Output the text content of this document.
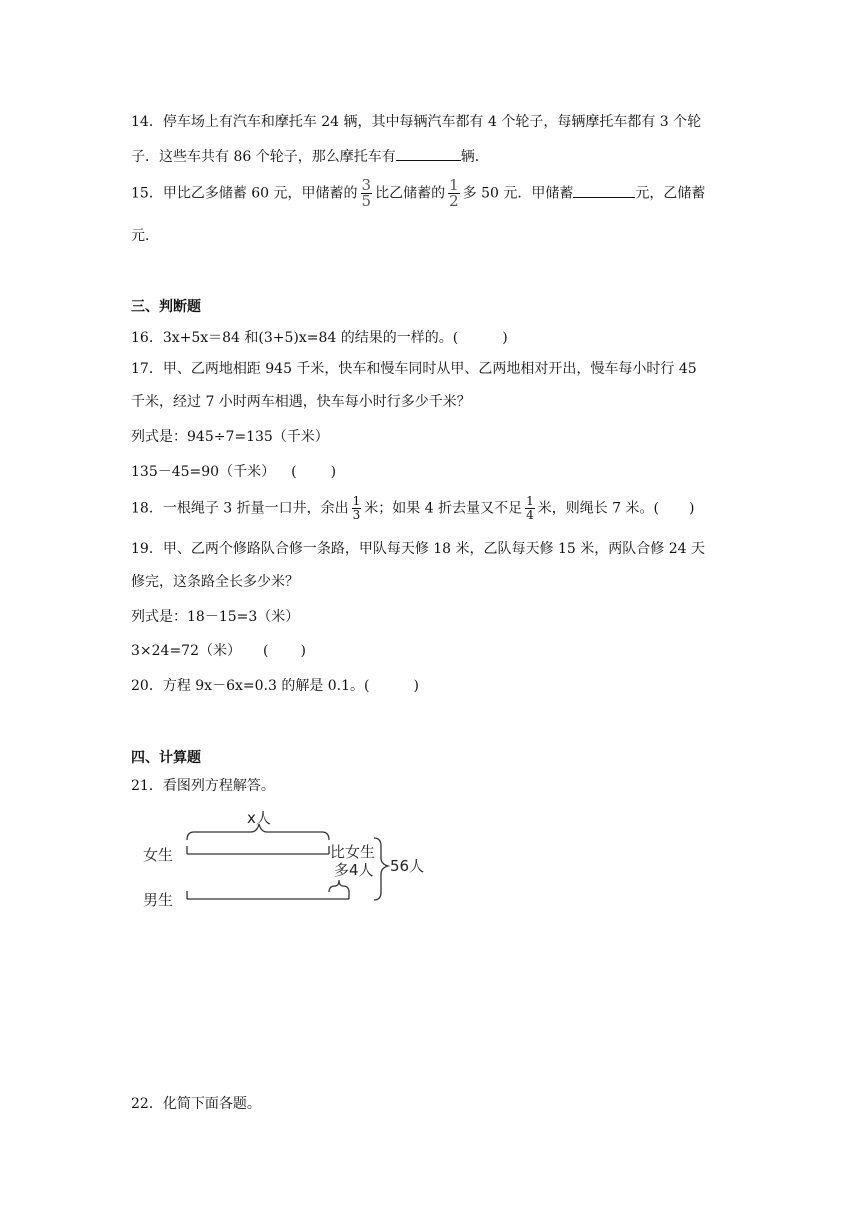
14．停车场上有汽车和摩托车 24 辆，其中每辆汽车都有 4 个轮子，每辆摩托车都有 3 个轮
子．这些车共有 86 个轮子，那么摩托车有	辆．
15．甲比乙多储蓄 60 元，甲储蓄的 $\frac{3}{5}$ 比乙储蓄的 $\frac{1}{2}$ 多 50 元．甲储蓄	元，乙储蓄
元．
三、判断题
16．3x+5x＝84 和(3+5)x=84 的结果的一样的。(	)
17．甲、乙两地相距 945 千米，快车和慢车同时从甲、乙两地相对开出，慢车每小时行 45
千米，经过 7 小时两车相遇，快车每小时行多少千米？
列式是：945÷7=135（千米）
135－45=90（千米） ( )
18．一根绳子 3 折量一口井，余出 $\frac{1}{3}$ 米；如果 4 折去量又不足 $\frac{1}{4}$ 米，则绳长 7 米。( )
19．甲、乙两个修路队合修一条路，甲队每天修 18 米，乙队每天修 15 米，两队合修 24 天
修完，这条路全长多少米？
列式是：18－15=3（米）
3×24=72（米） ( )
20．方程 9x－6x=0.3 的解是 0.1。(	)
四、计算题
21．看图列方程解答。
x人
女生	比女生
多4人
男生
56人
22．化简下面各题。
